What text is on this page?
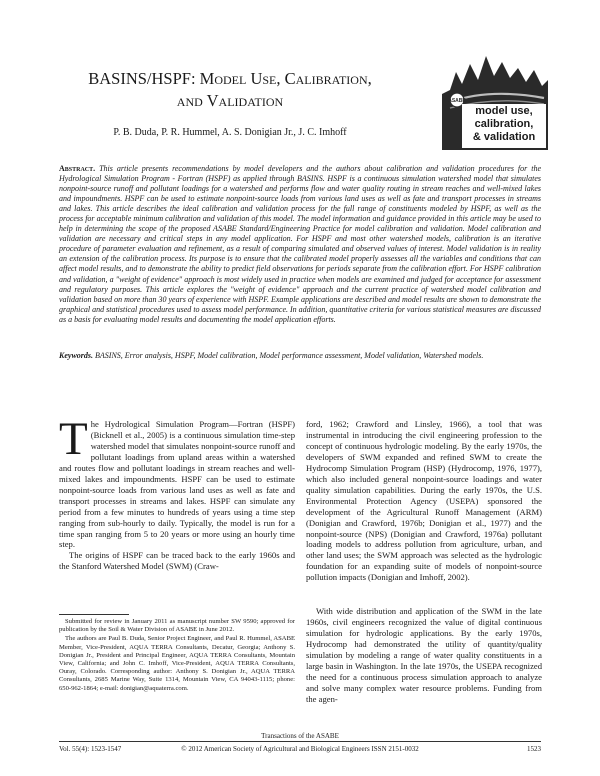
BASINS/HSPF: Model Use, Calibration,
and Validation
P. B. Duda, P. R. Hummel, A. S. Donigian Jr., J. C. Imhoff
ASABE
model use,
calibration,
& validation
Abstract. This article presents recommendations by model developers and the authors about calibration and validation procedures for the Hydrological Simulation Program - Fortran (HSPF) as applied through BASINS. HSPF is a continuous simulation watershed model that simulates nonpoint-source runoff and pollutant loadings for a watershed and performs flow and water quality routing in stream reaches and well-mixed lakes and impoundments. HSPF can be used to estimate nonpoint-source loads from various land uses as well as fate and transport processes in streams and lakes. This article describes the ideal calibration and validation process for the full range of constituents modeled by HSPF, as well as the process for acceptable minimum calibration and validation of this model. The model information and guidance provided in this article may be used to help in determining the scope of the proposed ASABE Standard/Engineering Practice for model calibration and validation. Model calibration and validation are necessary and critical steps in any model application. For HSPF and most other watershed models, calibration is an iterative procedure of parameter evaluation and refinement, as a result of comparing simulated and observed values of interest. Model validation is in reality an extension of the calibration process. Its purpose is to ensure that the calibrated model properly assesses all the variables and conditions that can affect model results, and to demonstrate the ability to predict field observations for periods separate from the calibration effort. For HSPF calibration and validation, a "weight of evidence" approach is most widely used in practice when models are examined and judged for acceptance for assessment and regulatory purposes. This article explores the "weight of evidence" approach and the current practice of watershed model calibration and validation based on more than 30 years of experience with HSPF. Example applications are described and model results are shown to demonstrate the graphical and statistical procedures used to assess model performance. In addition, quantitative criteria for various statistical measures are discussed as a basis for evaluating model results and documenting the model application efforts.
Keywords. BASINS, Error analysis, HSPF, Model calibration, Model performance assessment, Model validation, Watershed models.
T he Hydrological Simulation Program—Fortran (HSPF) (Bicknell et al., 2005) is a continuous simulation time-step watershed model that simulates nonpoint-source runoff and pollutant loadings from upland areas within a watershed and routes flow and pollutant loadings in stream reaches and well-mixed lakes and impoundments. HSPF can be used to estimate nonpoint-source loads from various land uses as well as fate and transport processes in streams and lakes. HSPF can simulate any period from a few minutes to hundreds of years using a time step ranging from sub-hourly to daily. Typically, the model is run for a time span ranging from 5 to 20 years or more using an hourly time step.

The origins of HSPF can be traced back to the early 1960s and the Stanford Watershed Model (SWM) (Craw-

ford, 1962; Crawford and Linsley, 1966), a tool that was instrumental in introducing the civil engineering profession to the concept of continuous hydrologic modeling. By the early 1970s, the developers of SWM expanded and refined SWM to create the Hydrocomp Simulation Program (HSP) (Hydrocomp, 1976, 1977), which also included general nonpoint-source loadings and water quality simulation capabilities. During the early 1970s, the U.S. Environmental Protection Agency (USEPA) sponsored the development of the Agricultural Runoff Management (ARM) (Donigian and Crawford, 1976b; Donigian et al., 1977) and the nonpoint-source (NPS) (Donigian and Crawford, 1976a) pollutant loading models to address pollution from agriculture, urban, and other land uses; the SWM approach was selected as the hydrologic foundation for an expanding suite of models of nonpoint-source pollution impacts (Donigian and Imhoff, 2002).

With wide distribution and application of the SWM in the late 1960s, civil engineers recognized the value of digital continuous simulation for hydrologic applications. By the early 1970s, Hydrocomp had demonstrated the utility of quantity/quality simulation by modeling a range of water quality constituents in a large basin in Washington. In the late 1970s, the USEPA recognized the need for a continuous process simulation approach to analyze and solve many complex water resource problems. Funding from the agen-

Submitted for review in January 2011 as manuscript number SW 9590; approved for publication by the Soil & Water Division of ASABE in June 2012.

The authors are Paul B. Duda, Senior Project Engineer, and Paul R. Hummel, ASABE Member, Vice-President, AQUA TERRA Consultants, Decatur, Georgia; Anthony S. Donigian Jr., President and Principal Engineer, AQUA TERRA Consultants, Mountain View, California; and John C. Imhoff, Vice-President, AQUA TERRA Consultants, Ouray, Colorado. Corresponding author: Anthony S. Donigian Jr., AQUA TERRA Consultants, 2685 Marine Way, Suite 1314, Mountain View, CA 94043-1115; phone: 650-962-1864; e-mail: donigian@aquaterra.com.

Transactions of the ASABE
Vol. 55(4): 1523-1547	© 2012 American Society of Agricultural and Biological Engineers ISSN 2151-0032	1523
